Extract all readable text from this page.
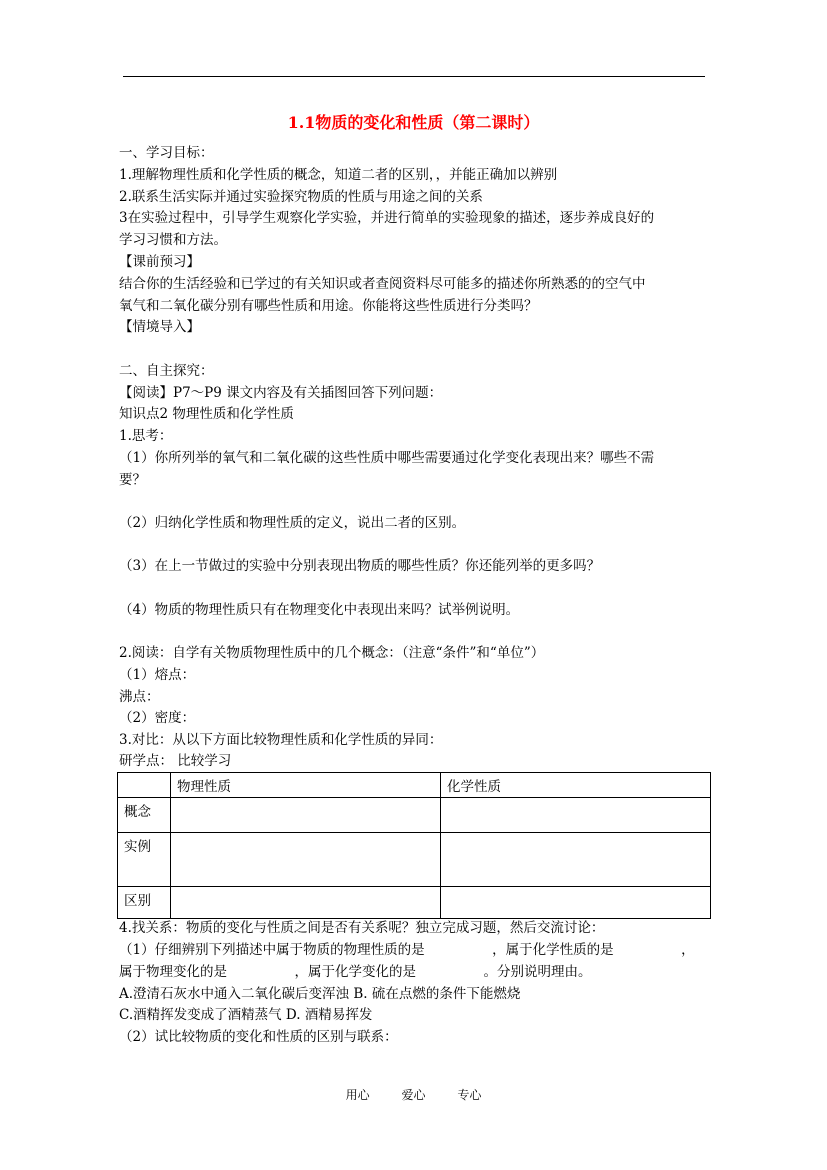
1.1物质的变化和性质（第二课时）
一、学习目标：
1.理解物理性质和化学性质的概念，知道二者的区别，，并能正确加以辨别
2.联系生活实际并通过实验探究物质的性质与用途之间的关系
3在实验过程中，引导学生观察化学实验，并进行简单的实验现象的描述，逐步养成良好的
学习习惯和方法。
【课前预习】
结合你的生活经验和已学过的有关知识或者查阅资料尽可能多的描述你所熟悉的的空气中
氧气和二氧化碳分别有哪些性质和用途。你能将这些性质进行分类吗？
【情境导入】
二、自主探究：
【阅读】P7～P9 课文内容及有关插图回答下列问题：
知识点2 物理性质和化学性质
1.思考：
（1）你所列举的氧气和二氧化碳的这些性质中哪些需要通过化学变化表现出来？哪些不需
要？
（2）归纳化学性质和物理性质的定义，说出二者的区别。
（3）在上一节做过的实验中分别表现出物质的哪些性质？你还能列举的更多吗？
（4）物质的物理性质只有在物理变化中表现出来吗？试举例说明。
2.阅读：自学有关物质物理性质中的几个概念：（注意“条件”和“单位”）
（1）熔点：
沸点：
（2）密度：
3.对比：从以下方面比较物理性质和化学性质的异同：
研学点： 比较学习
	物理性质	化学性质
概念		
实例		
区别		
4.找关系：物质的变化与性质之间是否有关系呢？独立完成习题，然后交流讨论：
（1）仔细辨别下列描述中属于物质的物理性质的是　　　　　，属于化学性质的是　　　　　，
属于物理变化的是　　　　　，属于化学变化的是　　　　　。分别说明理由。
A.澄清石灰水中通入二氧化碳后变浑浊 B. 硫在点燃的条件下能燃烧
C.酒精挥发变成了酒精蒸气 D. 酒精易挥发
（2）试比较物质的变化和性质的区别与联系：
用心	爱心	专心
